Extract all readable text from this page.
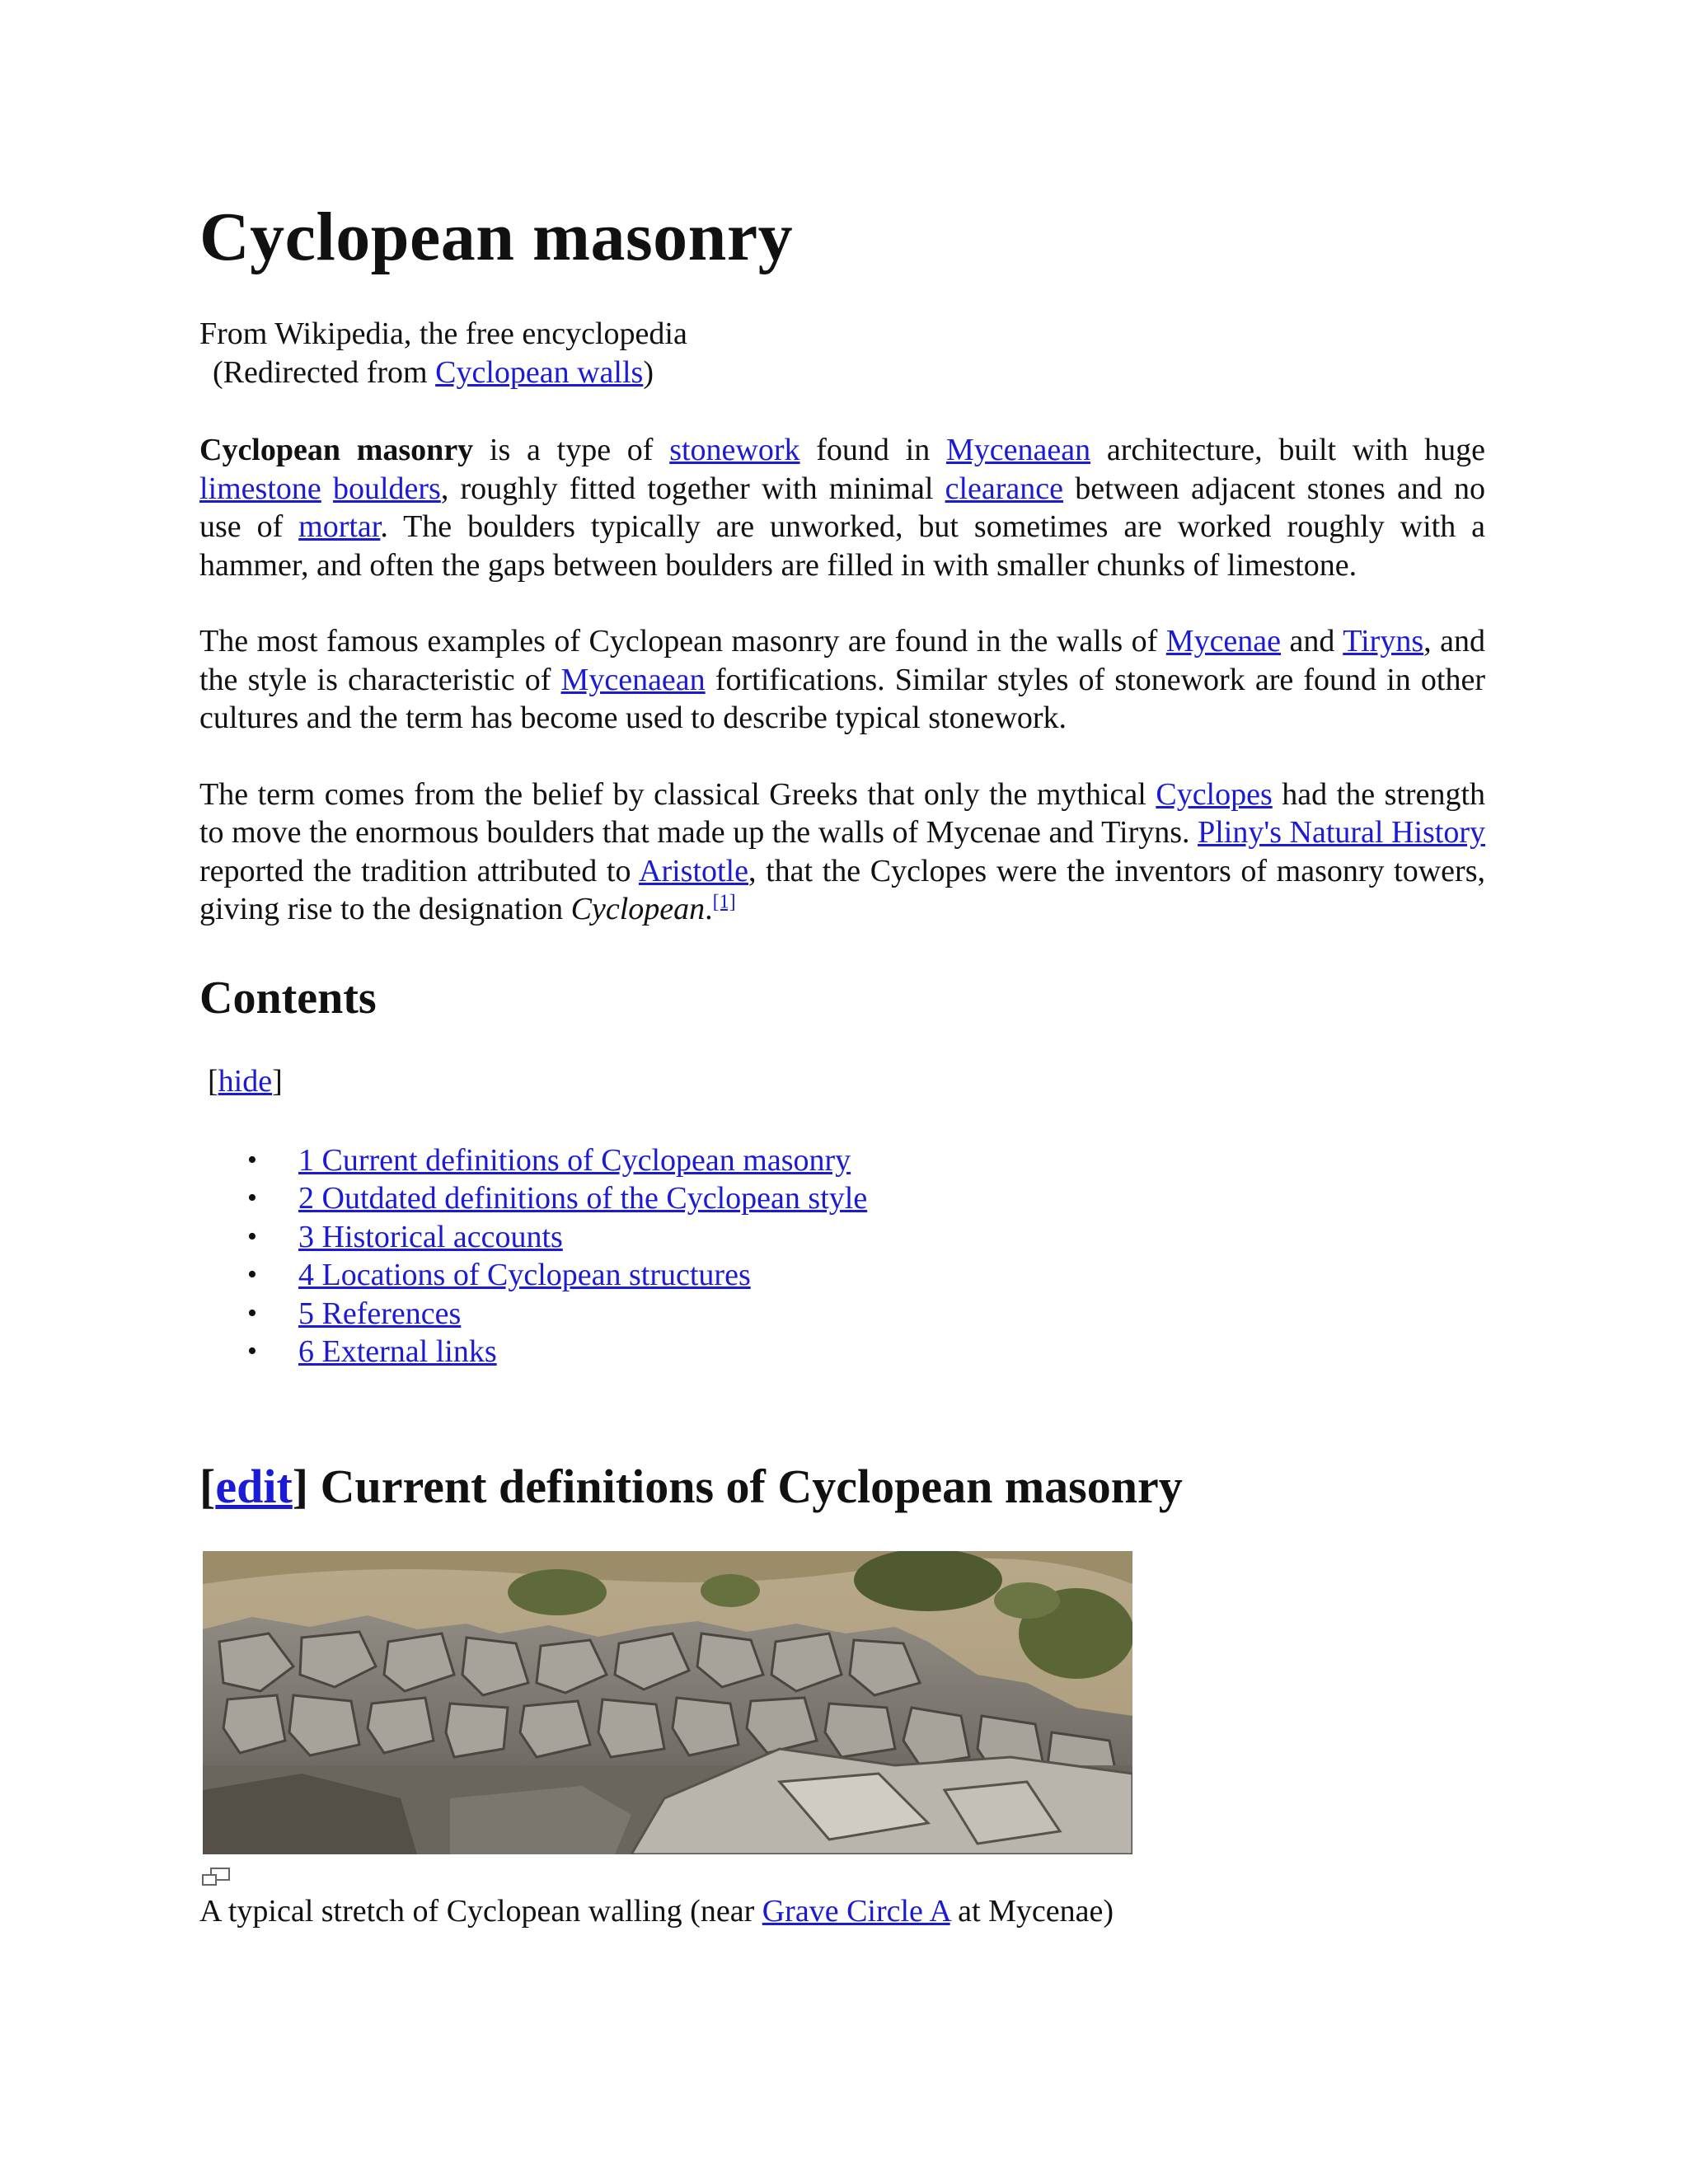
Cyclopean masonry
From Wikipedia, the free encyclopedia
(Redirected from Cyclopean walls)

Cyclopean masonry is a type of stonework found in Mycenaean architecture, built with huge limestone boulders, roughly fitted together with minimal clearance between adjacent stones and no use of mortar. The boulders typically are unworked, but sometimes are worked roughly with a hammer, and often the gaps between boulders are filled in with smaller chunks of limestone.

The most famous examples of Cyclopean masonry are found in the walls of Mycenae and Tiryns, and the style is characteristic of Mycenaean fortifications. Similar styles of stonework are found in other cultures and the term has become used to describe typical stonework.

The term comes from the belief by classical Greeks that only the mythical Cyclopes had the strength to move the enormous boulders that made up the walls of Mycenae and Tiryns. Pliny's Natural History reported the tradition attributed to Aristotle, that the Cyclopes were the inventors of masonry towers, giving rise to the designation Cyclopean.[1]

Contents
[hide]
• 1 Current definitions of Cyclopean masonry
• 2 Outdated definitions of the Cyclopean style
• 3 Historical accounts
• 4 Locations of Cyclopean structures
• 5 References
• 6 External links
[edit] Current definitions of Cyclopean masonry
A typical stretch of Cyclopean walling (near Grave Circle A at Mycenae)
